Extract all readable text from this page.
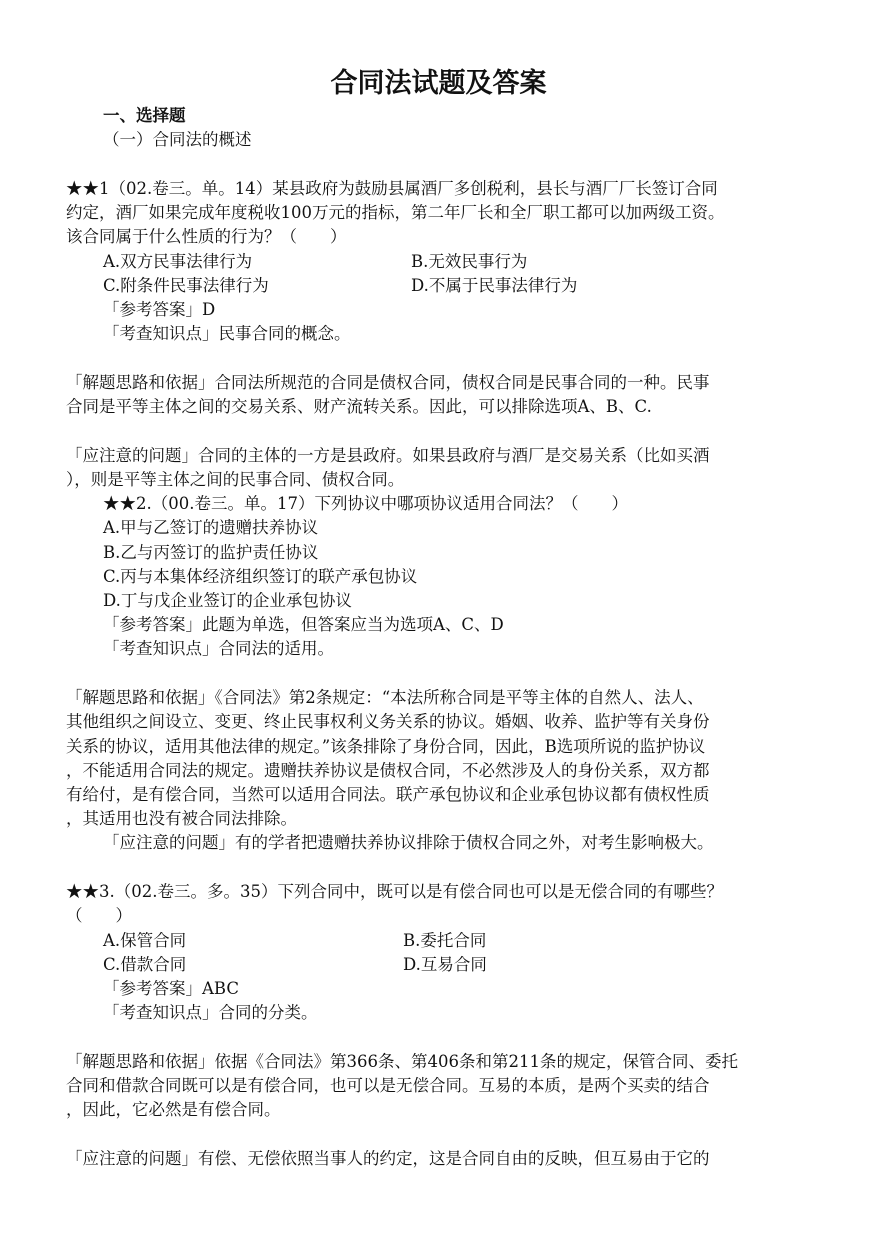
合同法试题及答案

一、选择题

（一）合同法的概述

★★1（02.卷三。单。14）某县政府为鼓励县属酒厂多创税利，县长与酒厂厂长签订合同

约定，酒厂如果完成年度税收100万元的指标，第二年厂长和全厂职工都可以加两级工资。

该合同属于什么性质的行为？（　　）

A.双方民事法律行为	B.无效民事行为

C.附条件民事法律行为	D.不属于民事法律行为

「参考答案」D

「考查知识点」民事合同的概念。

「解题思路和依据」合同法所规范的合同是债权合同，债权合同是民事合同的一种。民事

合同是平等主体之间的交易关系、财产流转关系。因此，可以排除选项A、B、C.

「应注意的问题」合同的主体的一方是县政府。如果县政府与酒厂是交易关系（比如买酒

），则是平等主体之间的民事合同、债权合同。

★★2.（00.卷三。单。17）下列协议中哪项协议适用合同法？（　　）

A.甲与乙签订的遗赠扶养协议

B.乙与丙签订的监护责任协议

C.丙与本集体经济组织签订的联产承包协议

D.丁与戊企业签订的企业承包协议

「参考答案」此题为单选，但答案应当为选项A、C、D

「考查知识点」合同法的适用。

「解题思路和依据」《合同法》第2条规定：“本法所称合同是平等主体的自然人、法人、

其他组织之间设立、变更、终止民事权利义务关系的协议。婚姻、收养、监护等有关身份

关系的协议，适用其他法律的规定。”该条排除了身份合同，因此，B选项所说的监护协议

，不能适用合同法的规定。遗赠扶养协议是债权合同，不必然涉及人的身份关系，双方都

有给付，是有偿合同，当然可以适用合同法。联产承包协议和企业承包协议都有债权性质

，其适用也没有被合同法排除。

「应注意的问题」有的学者把遗赠扶养协议排除于债权合同之外，对考生影响极大。

★★3.（02.卷三。多。35）下列合同中，既可以是有偿合同也可以是无偿合同的有哪些？

（　　）

A.保管合同	B.委托合同

C.借款合同	D.互易合同

「参考答案」ABC

「考查知识点」合同的分类。

「解题思路和依据」依据《合同法》第366条、第406条和第211条的规定，保管合同、委托

合同和借款合同既可以是有偿合同，也可以是无偿合同。互易的本质，是两个买卖的结合

，因此，它必然是有偿合同。

「应注意的问题」有偿、无偿依照当事人的约定，这是合同自由的反映，但互易由于它的
